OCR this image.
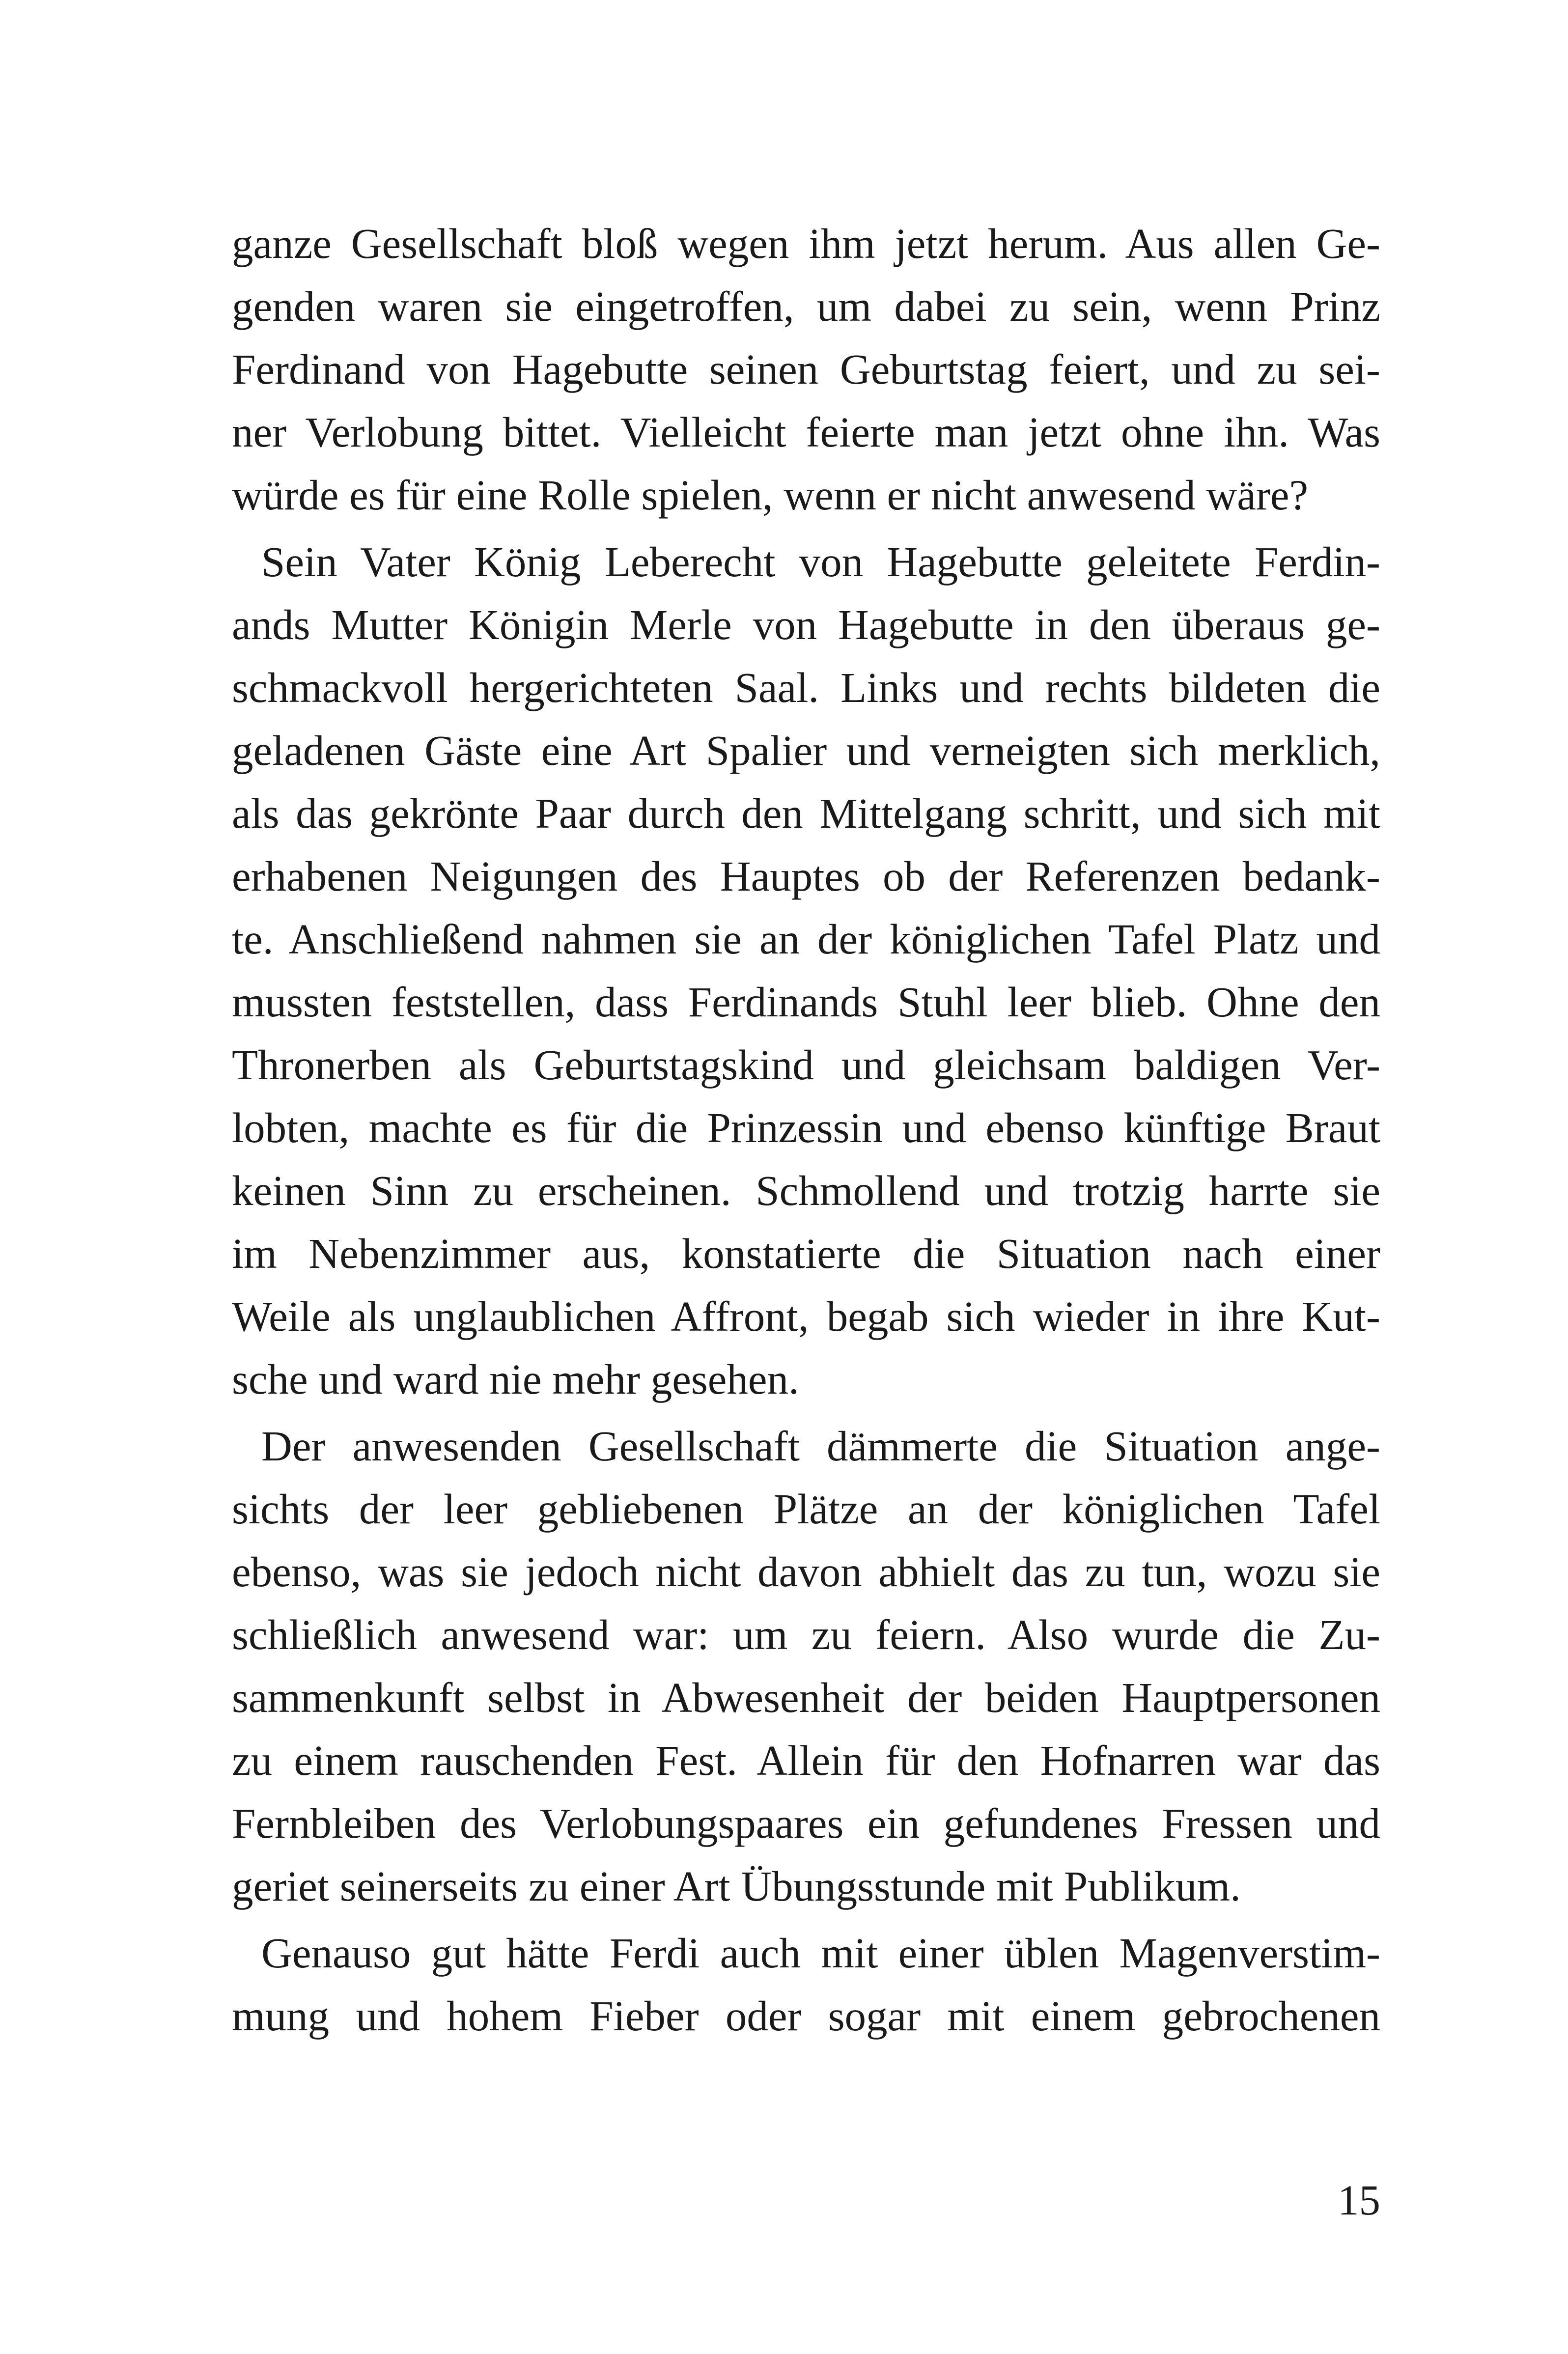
ganze Gesellschaft bloß wegen ihm jetzt herum. Aus allen Ge-
genden waren sie eingetroffen, um dabei zu sein, wenn Prinz
Ferdinand von Hagebutte seinen Geburtstag feiert, und zu sei-
ner Verlobung bittet. Vielleicht feierte man jetzt ohne ihn. Was
würde es für eine Rolle spielen, wenn er nicht anwesend wäre?
Sein Vater König Leberecht von Hagebutte geleitete Ferdin-
ands Mutter Königin Merle von Hagebutte in den überaus ge-
schmackvoll hergerichteten Saal. Links und rechts bildeten die
geladenen Gäste eine Art Spalier und verneigten sich merklich,
als das gekrönte Paar durch den Mittelgang schritt, und sich mit
erhabenen Neigungen des Hauptes ob der Referenzen bedank-
te. Anschließend nahmen sie an der königlichen Tafel Platz und
mussten feststellen, dass Ferdinands Stuhl leer blieb. Ohne den
Thronerben als Geburtstagskind und gleichsam baldigen Ver-
lobten, machte es für die Prinzessin und ebenso künftige Braut
keinen Sinn zu erscheinen. Schmollend und trotzig harrte sie
im Nebenzimmer aus, konstatierte die Situation nach einer
Weile als unglaublichen Affront, begab sich wieder in ihre Kut-
sche und ward nie mehr gesehen.
Der anwesenden Gesellschaft dämmerte die Situation ange-
sichts der leer gebliebenen Plätze an der königlichen Tafel
ebenso, was sie jedoch nicht davon abhielt das zu tun, wozu sie
schließlich anwesend war: um zu feiern. Also wurde die Zu-
sammenkunft selbst in Abwesenheit der beiden Hauptpersonen
zu einem rauschenden Fest. Allein für den Hofnarren war das
Fernbleiben des Verlobungspaares ein gefundenes Fressen und
geriet seinerseits zu einer Art Übungsstunde mit Publikum.
Genauso gut hätte Ferdi auch mit einer üblen Magenverstim-
mung und hohem Fieber oder sogar mit einem gebrochenen
15
